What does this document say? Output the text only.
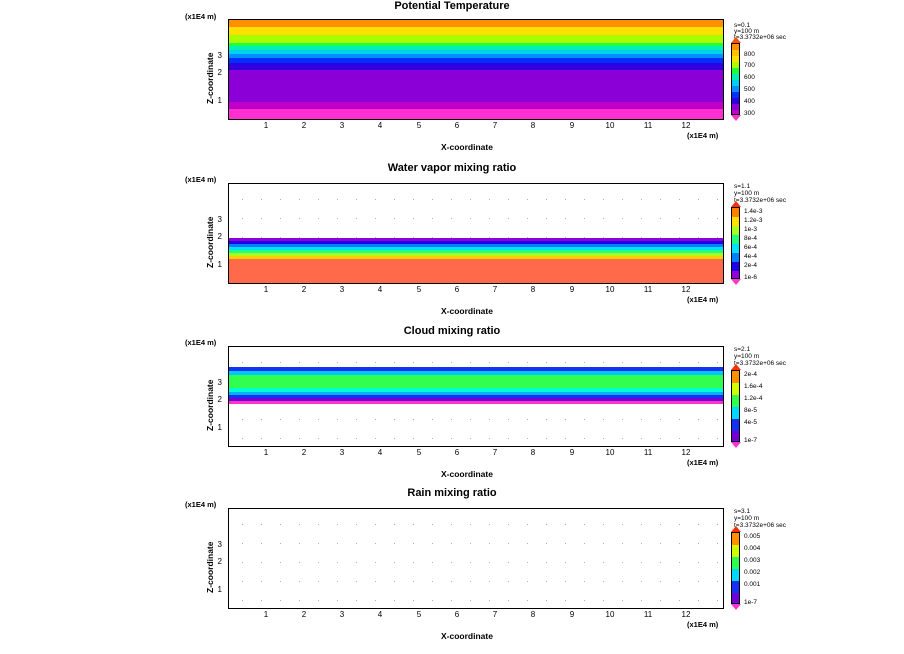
Potential Temperature
(x1E4 m)
3
2
1
Z-coordinate
1	2	3	4	5	6	7	8	9	10	11	12
(x1E4 m)
X-coordinate
s=0.1
y=100 m
t=3.3732e+06 sec
800
700
600
500
400
300
Water vapor mixing ratio
(x1E4 m)
3
2
1
Z-coordinate
1	2	3	4	5	6	7	8	9	10	11	12
(x1E4 m)
X-coordinate
s=1.1
y=100 m
t=3.3732e+06 sec
1.4e-3
1.2e-3
1e-3
8e-4
6e-4
4e-4
2e-4
1e-6
Cloud mixing ratio
(x1E4 m)
3
2
1
Z-coordinate
1	2	3	4	5	6	7	8	9	10	11	12
(x1E4 m)
X-coordinate
s=2.1
y=100 m
t=3.3732e+06 sec
2e-4
1.6e-4
1.2e-4
8e-5
4e-5
1e-7
Rain mixing ratio
(x1E4 m)
3
2
1
Z-coordinate
1	2	3	4	5	6	7	8	9	10	11	12
(x1E4 m)
X-coordinate
s=3.1
y=100 m
t=3.3732e+06 sec
0.005
0.004
0.003
0.002
0.001
1e-7
